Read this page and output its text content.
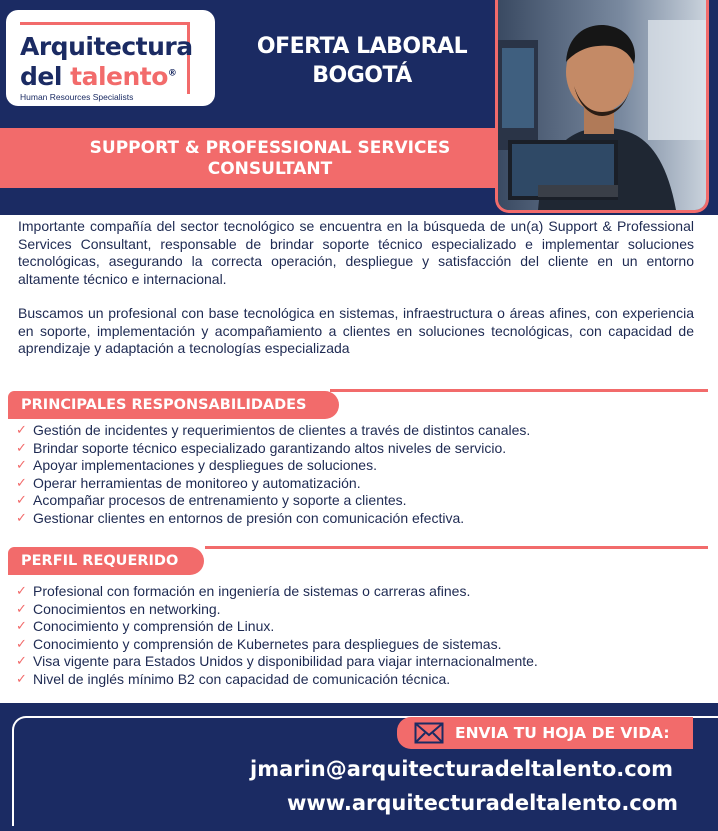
Arquitectura
del talento®
Human Resources Specialists
OFERTA LABORAL
BOGOTÁ
SUPPORT & PROFESSIONAL SERVICES
CONSULTANT

Importante compañía del sector tecnológico se encuentra en la búsqueda de un(a) Support & Professional Services Consultant, responsable de brindar soporte técnico especializado e implementar soluciones tecnológicas, asegurando la correcta operación, despliegue y satisfacción del cliente en un entorno altamente técnico e internacional.

Buscamos un profesional con base tecnológica en sistemas, infraestructura o áreas afines, con experiencia en soporte, implementación y acompañamiento a clientes en soluciones tecnológicas, con capacidad de aprendizaje y adaptación a tecnologías especializada

PRINCIPALES RESPONSABILIDADES
✓ Gestión de incidentes y requerimientos de clientes a través de distintos canales.
✓ Brindar soporte técnico especializado garantizando altos niveles de servicio.
✓ Apoyar implementaciones y despliegues de soluciones.
✓ Operar herramientas de monitoreo y automatización.
✓ Acompañar procesos de entrenamiento y soporte a clientes.
✓ Gestionar clientes en entornos de presión con comunicación efectiva.
PERFIL REQUERIDO
✓ Profesional con formación en ingeniería de sistemas o carreras afines.
✓ Conocimientos en networking.
✓ Conocimiento y comprensión de Linux.
✓ Conocimiento y comprensión de Kubernetes para despliegues de sistemas.
✓ Visa vigente para Estados Unidos y disponibilidad para viajar internacionalmente.
✓ Nivel de inglés mínimo B2 con capacidad de comunicación técnica.
ENVIA TU HOJA DE VIDA:
jmarin@arquitecturadeltalento.com
www.arquitecturadeltalento.com
